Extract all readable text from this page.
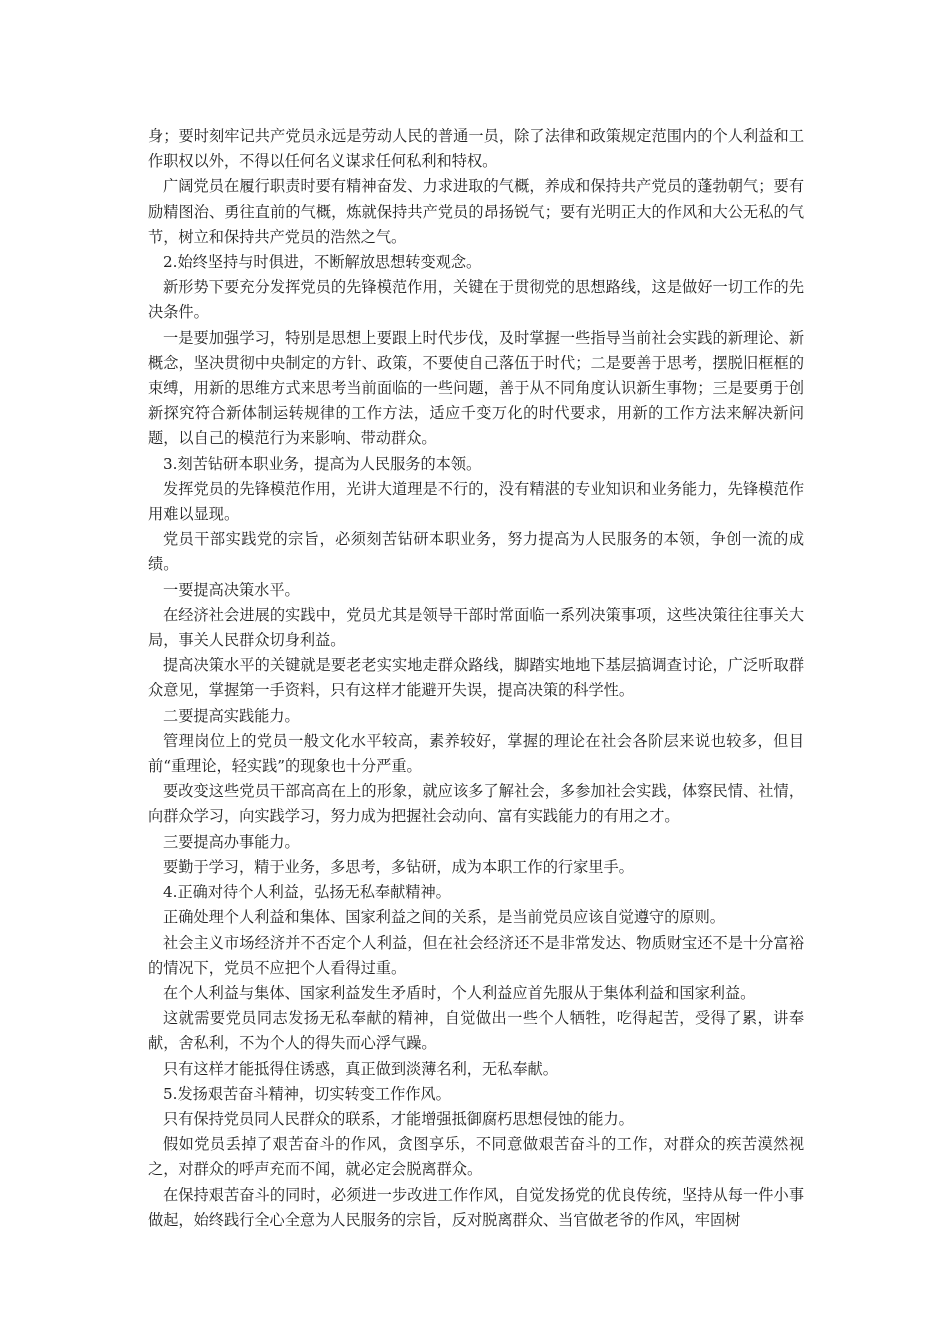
身；要时刻牢记共产党员永远是劳动人民的普通一员，除了法律和政策规定范围内的个人利益和工作职权以外，不得以任何名义谋求任何私利和特权。

广阔党员在履行职责时要有精神奋发、力求进取的气概，养成和保持共产党员的蓬勃朝气；要有励精图治、勇往直前的气概，炼就保持共产党员的昂扬锐气；要有光明正大的作风和大公无私的气节，树立和保持共产党员的浩然之气。

2.始终坚持与时俱进，不断解放思想转变观念。

新形势下要充分发挥党员的先锋模范作用，关键在于贯彻党的思想路线，这是做好一切工作的先决条件。

一是要加强学习，特别是思想上要跟上时代步伐，及时掌握一些指导当前社会实践的新理论、新概念，坚决贯彻中央制定的方针、政策，不要使自己落伍于时代；二是要善于思考，摆脱旧框框的束缚，用新的思维方式来思考当前面临的一些问题，善于从不同角度认识新生事物；三是要勇于创新探究符合新体制运转规律的工作方法，适应千变万化的时代要求，用新的工作方法来解决新问题，以自己的模范行为来影响、带动群众。

3.刻苦钻研本职业务，提高为人民服务的本领。

发挥党员的先锋模范作用，光讲大道理是不行的，没有精湛的专业知识和业务能力，先锋模范作用难以显现。

党员干部实践党的宗旨，必须刻苦钻研本职业务，努力提高为人民服务的本领，争创一流的成绩。

一要提高决策水平。

在经济社会进展的实践中，党员尤其是领导干部时常面临一系列决策事项，这些决策往往事关大局，事关人民群众切身利益。

提高决策水平的关键就是要老老实实地走群众路线，脚踏实地地下基层搞调查讨论，广泛听取群众意见，掌握第一手资料，只有这样才能避开失误，提高决策的科学性。

二要提高实践能力。

管理岗位上的党员一般文化水平较高，素养较好，掌握的理论在社会各阶层来说也较多，但目前“重理论，轻实践”的现象也十分严重。

要改变这些党员干部高高在上的形象，就应该多了解社会，多参加社会实践，体察民情、社情，向群众学习，向实践学习，努力成为把握社会动向、富有实践能力的有用之才。

三要提高办事能力。

要勤于学习，精于业务，多思考，多钻研，成为本职工作的行家里手。

4.正确对待个人利益，弘扬无私奉献精神。

正确处理个人利益和集体、国家利益之间的关系，是当前党员应该自觉遵守的原则。

社会主义市场经济并不否定个人利益，但在社会经济还不是非常发达、物质财宝还不是十分富裕的情况下，党员不应把个人看得过重。

在个人利益与集体、国家利益发生矛盾时，个人利益应首先服从于集体利益和国家利益。

这就需要党员同志发扬无私奉献的精神，自觉做出一些个人牺牲，吃得起苦，受得了累，讲奉献，舍私利，不为个人的得失而心浮气躁。

只有这样才能抵得住诱惑，真正做到淡薄名利，无私奉献。

5.发扬艰苦奋斗精神，切实转变工作作风。

只有保持党员同人民群众的联系，才能增强抵御腐朽思想侵蚀的能力。

假如党员丢掉了艰苦奋斗的作风，贪图享乐，不同意做艰苦奋斗的工作，对群众的疾苦漠然视之，对群众的呼声充而不闻，就必定会脱离群众。

在保持艰苦奋斗的同时，必须进一步改进工作作风，自觉发扬党的优良传统，坚持从每一件小事做起，始终践行全心全意为人民服务的宗旨，反对脱离群众、当官做老爷的作风，牢固树
